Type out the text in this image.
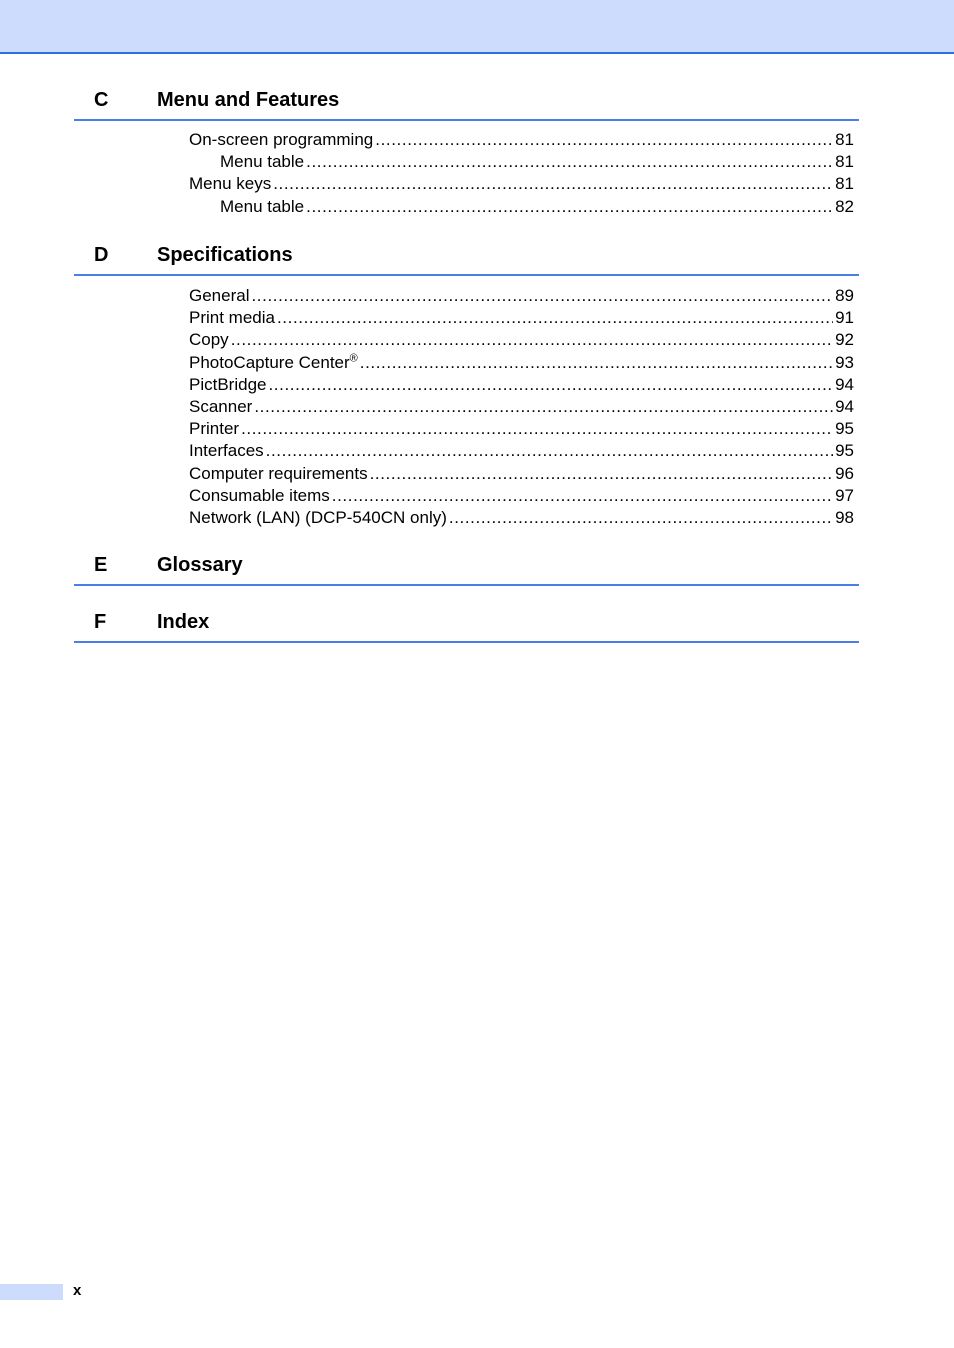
C Menu and Features
On-screen programming .....	81
Menu table .....	81
Menu keys .....	81
Menu table .....	82
D Specifications
General .....	89
Print media .....	91
Copy .....	92
PhotoCapture Center® .....	93
PictBridge .....	94
Scanner .....	94
Printer .....	95
Interfaces .....	95
Computer requirements .....	96
Consumable items .....	97
Network (LAN) (DCP-540CN only) .....	98
E Glossary
F	Index
x
